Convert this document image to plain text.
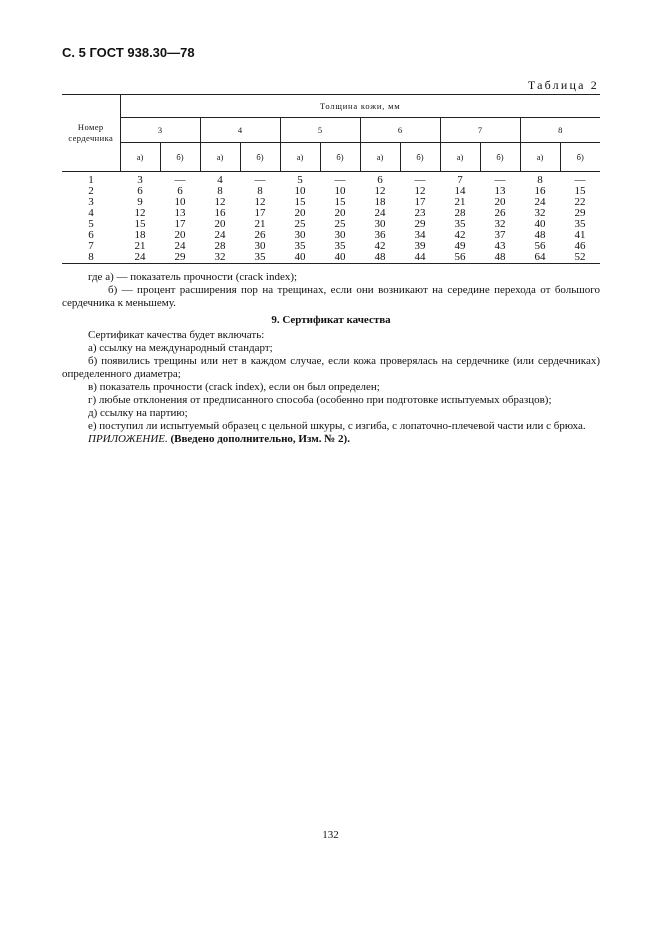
С. 5 ГОСТ 938.30—78
Таблица 2
Номер сердечника	Толщина кожи, мм											
	3		4		5		6		7		8	
	а)	б)	а)	б)	а)	б)	а)	б)	а)	б)	а)	б)
1	3	—	4	—	5	—	6	—	7	—	8	—
2	6	6	8	8	10	10	12	12	14	13	16	15
3	9	10	12	12	15	15	18	17	21	20	24	22
4	12	13	16	17	20	20	24	23	28	26	32	29
5	15	17	20	21	25	25	30	29	35	32	40	35
6	18	20	24	26	30	30	36	34	42	37	48	41
7	21	24	28	30	35	35	42	39	49	43	56	46
8	24	29	32	35	40	40	48	44	56	48	64	52

где а) — показатель прочности (crack index);

б) — процент расширения пор на трещинах, если они возникают на середине перехода от большого сердечника к меньшему.

9. Сертификат качества

Сертификат качества будет включать:

а) ссылку на международный стандарт;

б) появились трещины или нет в каждом случае, если кожа проверялась на сердечнике (или сердечниках) определенного диаметра;

в) показатель прочности (crack index), если он был определен;

г) любые отклонения от предписанного способа (особенно при подготовке испытуемых образцов);

д) ссылку на партию;

е) поступил ли испытуемый образец с цельной шкуры, с изгиба, с лопаточно-плечевой части или с брюха.

ПРИЛОЖЕНИЕ. (Введено дополнительно, Изм. № 2).
132
